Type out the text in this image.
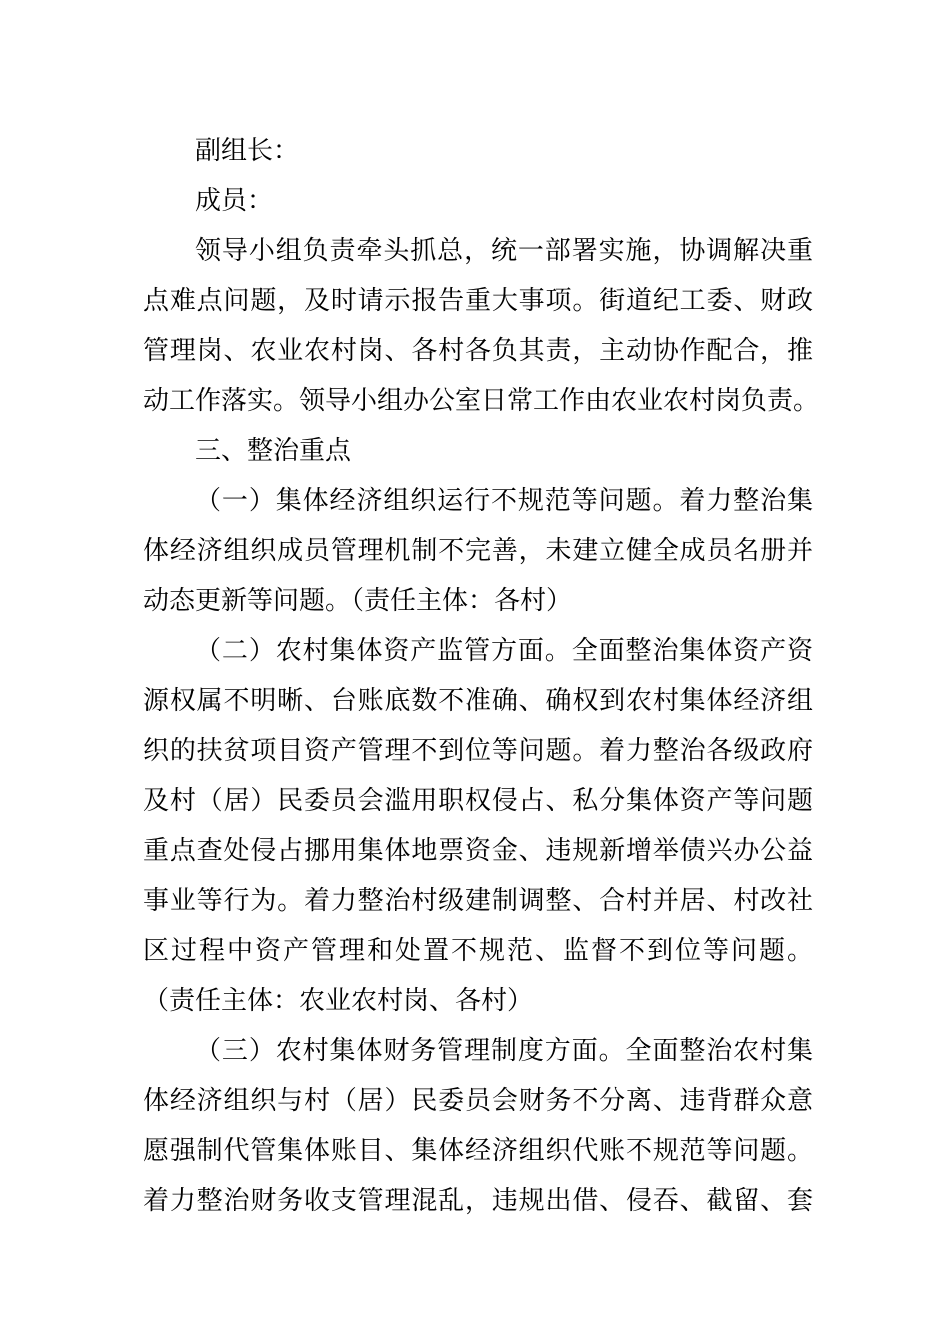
副组长：
成员：
领导小组负责牵头抓总，统一部署实施，协调解决重
点难点问题，及时请示报告重大事项。街道纪工委、财政
管理岗、农业农村岗、各村各负其责，主动协作配合，推
动工作落实。领导小组办公室日常工作由农业农村岗负责。
三、整治重点
（一）集体经济组织运行不规范等问题。着力整治集
体经济组织成员管理机制不完善，未建立健全成员名册并
动态更新等问题。（责任主体：各村）
（二）农村集体资产监管方面。全面整治集体资产资
源权属不明晰、台账底数不准确、确权到农村集体经济组
织的扶贫项目资产管理不到位等问题。着力整治各级政府
及村（居）民委员会滥用职权侵占、私分集体资产等问题
重点查处侵占挪用集体地票资金、违规新增举债兴办公益
事业等行为。着力整治村级建制调整、合村并居、村改社
区过程中资产管理和处置不规范、监督不到位等问题。
（责任主体：农业农村岗、各村）
（三）农村集体财务管理制度方面。全面整治农村集
体经济组织与村（居）民委员会财务不分离、违背群众意
愿强制代管集体账目、集体经济组织代账不规范等问题。
着力整治财务收支管理混乱，违规出借、侵吞、截留、套
